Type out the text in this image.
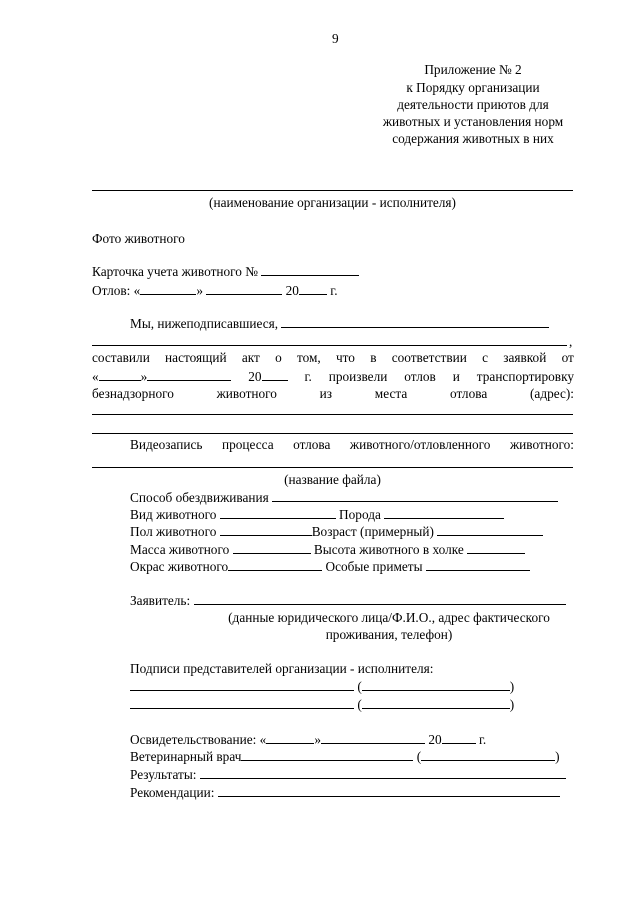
9
Приложение № 2
к Порядку организации
деятельности приютов для
животных и установления норм
содержания животных в них
(наименование организации - исполнителя)
Фото животного
Карточка учета животного №
Отлов: «	»	20 г.
Мы, нижеподписавшиеся,
,
составили настоящий акт о том, что в соответствии с заявкой от
«	»	20	г. произвели отлов и транспортировку
безнадзорного	животного	из	места	отлова	(адрес):
Видеозапись процесса отлова животного/отловленного животного:
(название файла)
Способ обездвиживания
Вид животного	Порода
Пол животного	Возраст (примерный)
Масса животного	Высота животного в холке
Окрас животного	Особые приметы
Заявитель:
(данные юридического лица/Ф.И.О., адрес фактического
проживания, телефон)
Подписи представителей организации - исполнителя:
(	)
(	)
Освидетельствование: «	»	20	г.
Ветеринарный врач	(	)
Результаты:
Рекомендации:
